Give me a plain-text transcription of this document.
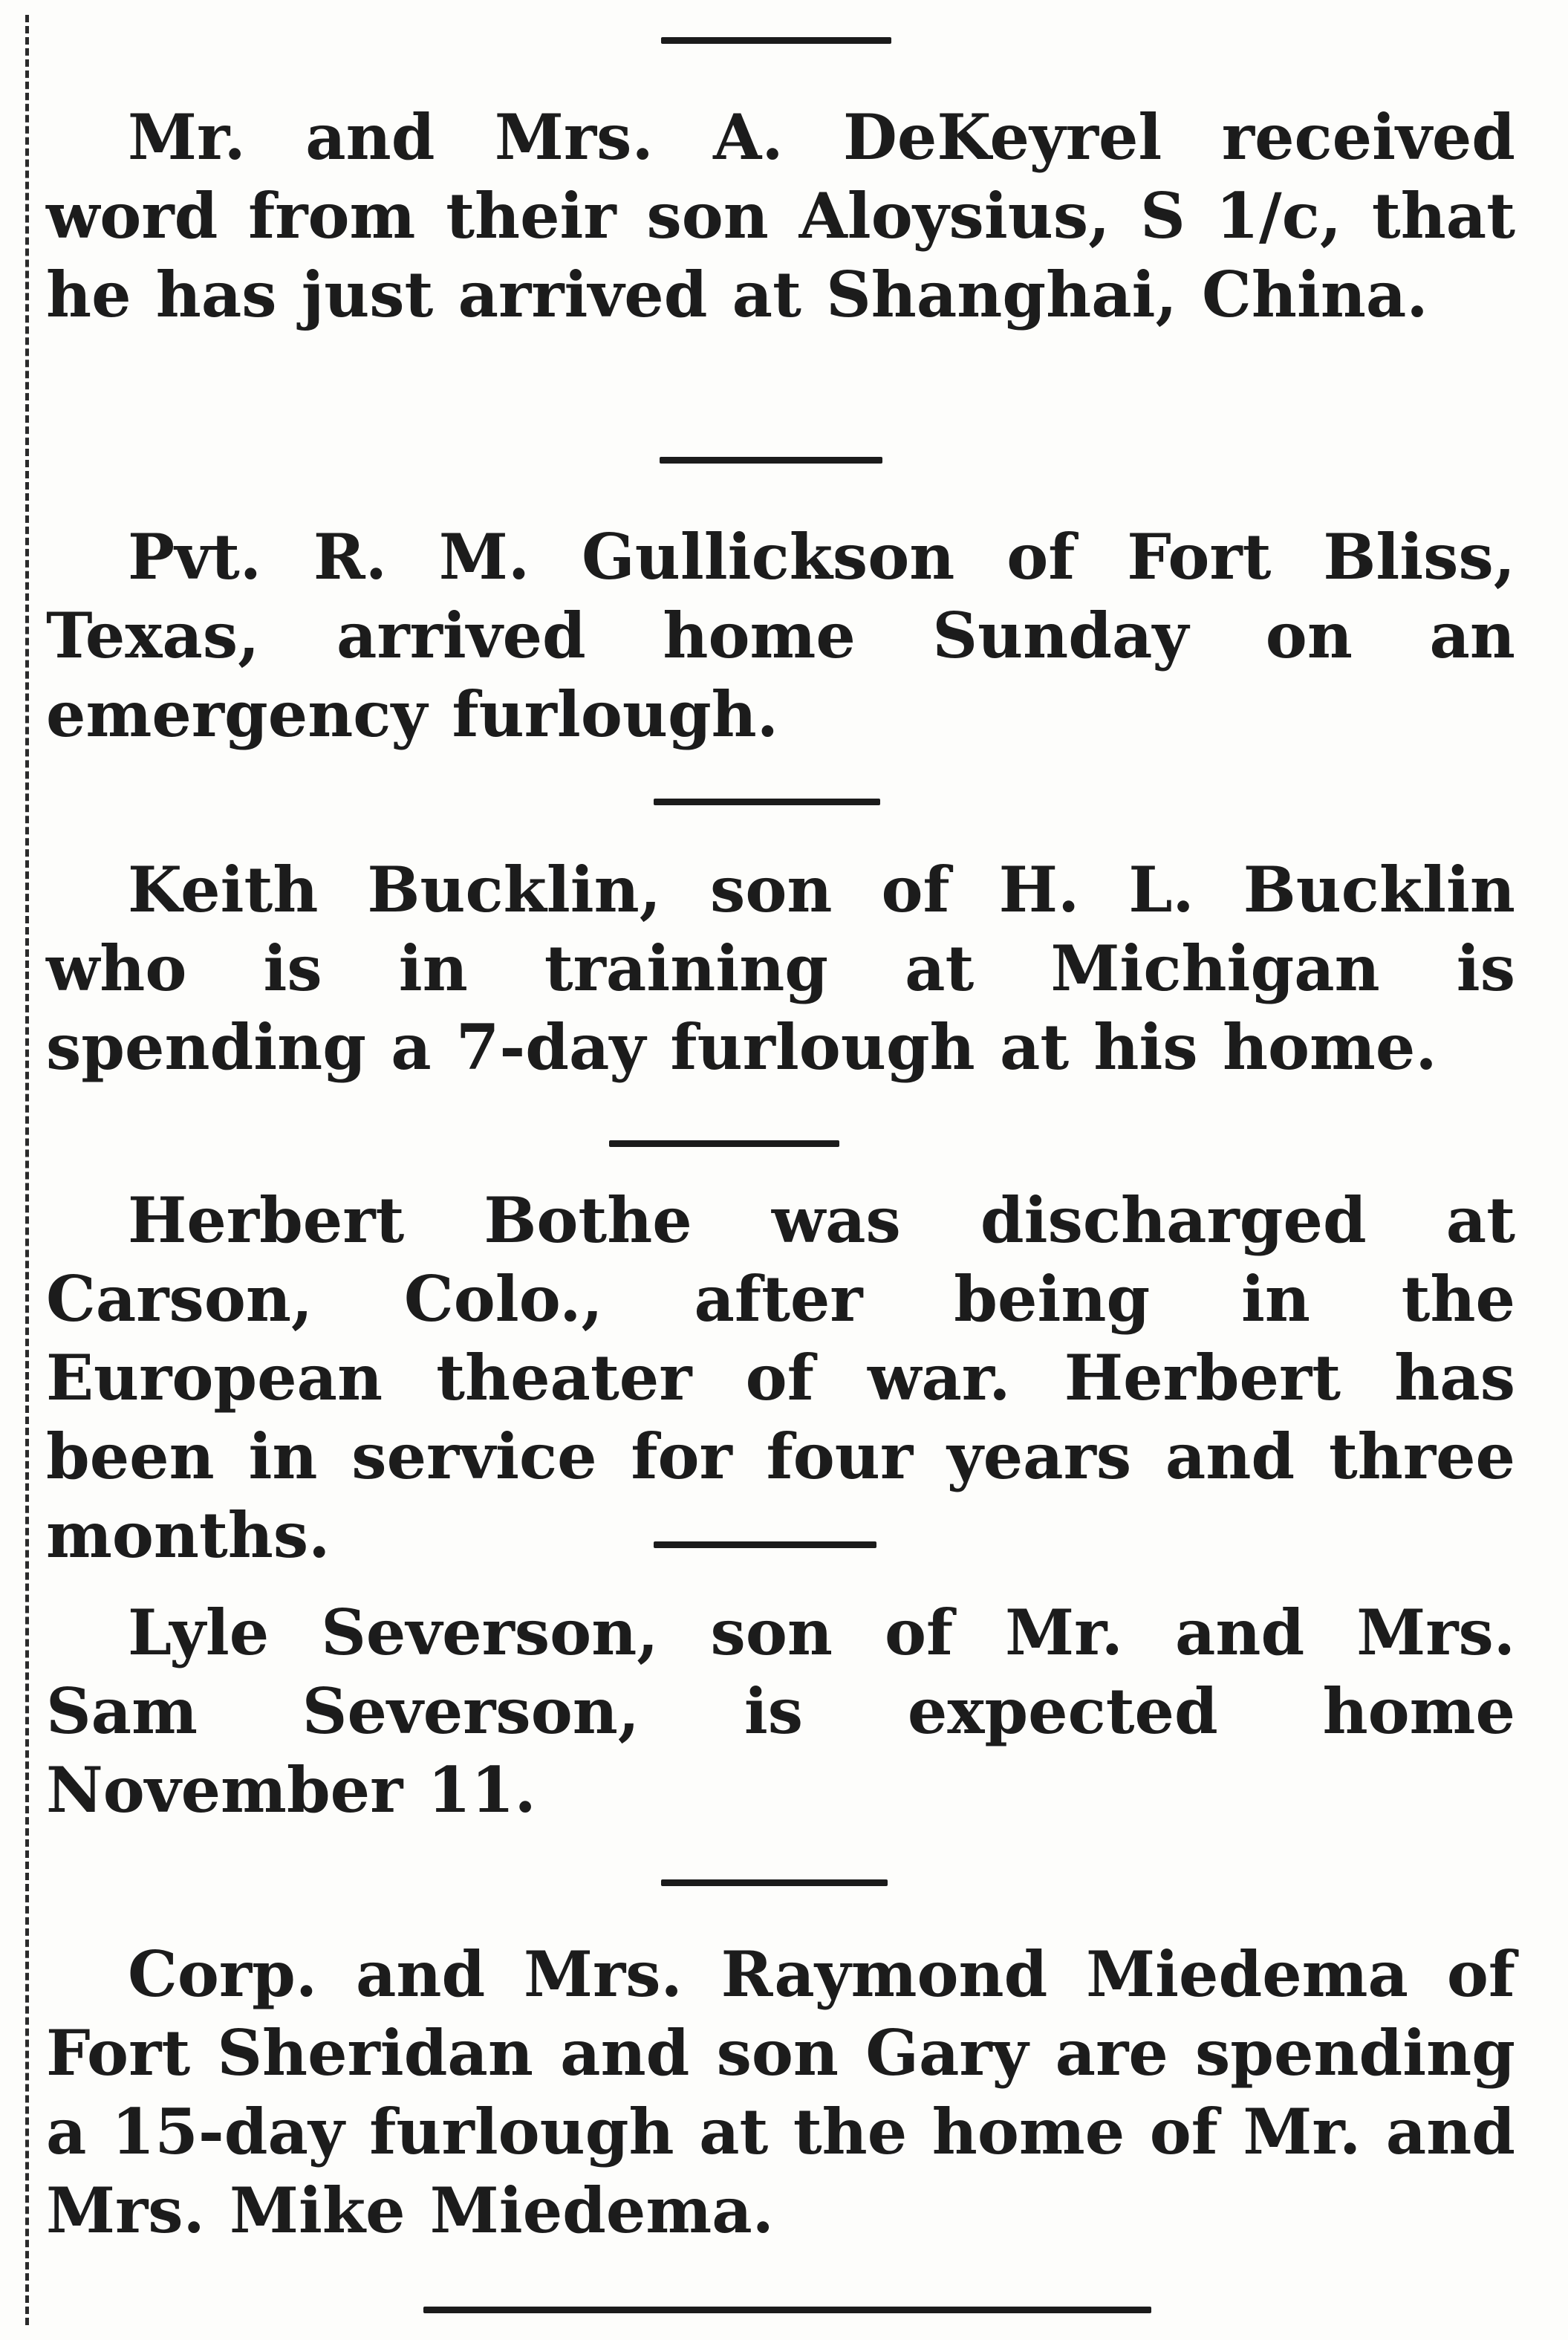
Mr. and Mrs. A. DeKeyrel received word from their son Aloysius, S 1/c, that he has just arrived at Shanghai, China.

Pvt. R. M. Gullickson of Fort Bliss, Texas, arrived home Sunday on an emergency furlough.

Keith Bucklin, son of H. L. Bucklin who is in training at Michigan is spending a 7-day furlough at his home.

Herbert Bothe was discharged at Carson, Colo., after being in the European theater of war. Herbert has been in service for four years and three months.

Lyle Severson, son of Mr. and Mrs. Sam Severson, is expected home November 11.

Corp. and Mrs. Raymond Miedema of Fort Sheridan and son Gary are spending a 15-day furlough at the home of Mr. and Mrs. Mike Miedema.
